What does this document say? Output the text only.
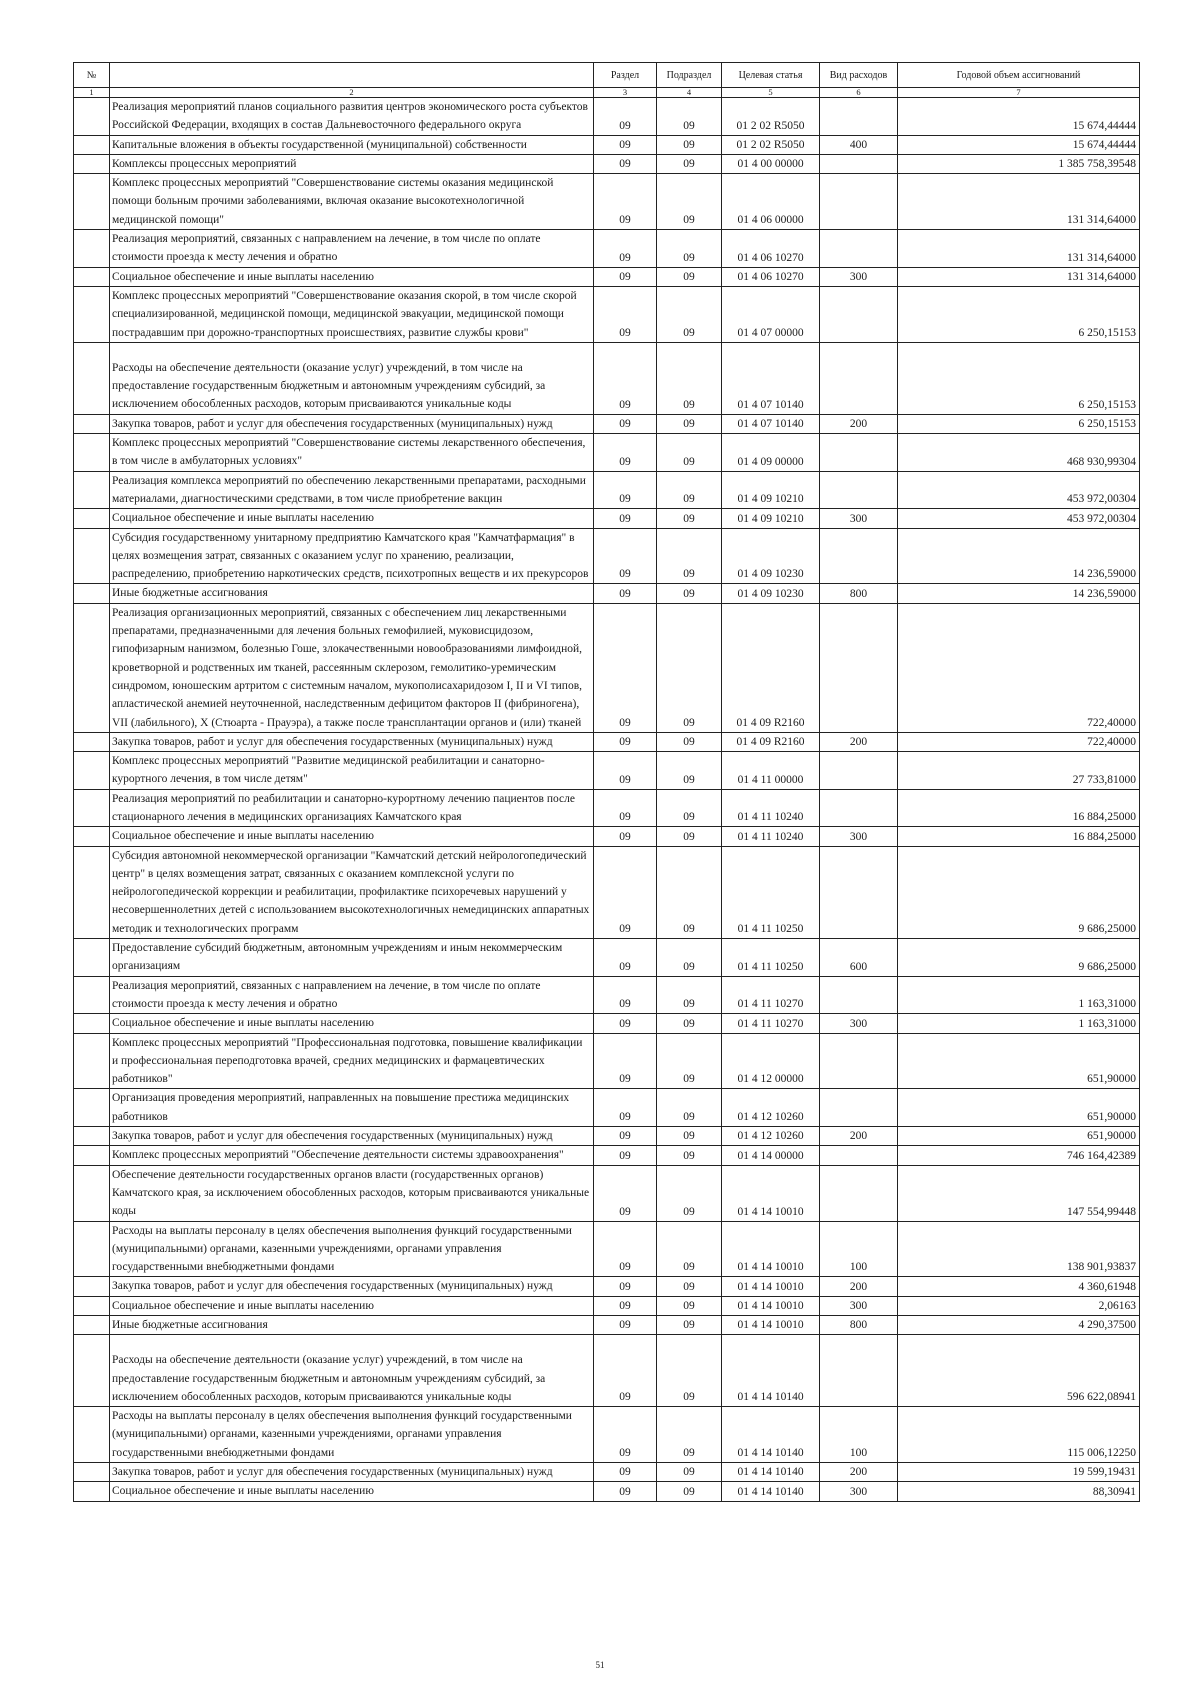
№		Раздел	Подраздел	Целевая статья	Вид расходов	Годовой объем ассигнований
1	2	3	4	5	6	7
	Реализация мероприятий планов социального развития центров экономического роста субъектов Российской Федерации, входящих в состав Дальневосточного федерального округа	09	09	01 2 02 R5050		15 674,44444
	Капитальные вложения в объекты государственной (муниципальной) собственности	09	09	01 2 02 R5050	400	15 674,44444
	Комплексы процессных мероприятий	09	09	01 4 00 00000		1 385 758,39548
	Комплекс процессных мероприятий "Совершенствование системы оказания медицинской помощи больным прочими заболеваниями, включая оказание высокотехнологичной медицинской помощи"	09	09	01 4 06 00000		131 314,64000
	Реализация мероприятий, связанных с направлением на лечение, в том числе по оплате стоимости проезда к месту лечения и обратно	09	09	01 4 06 10270		131 314,64000
	Социальное обеспечение и иные выплаты населению	09	09	01 4 06 10270	300	131 314,64000
	Комплекс процессных мероприятий "Совершенствование оказания скорой, в том числе скорой специализированной, медицинской помощи, медицинской эвакуации, медицинской помощи пострадавшим при дорожно-транспортных происшествиях, развитие службы крови"	09	09	01 4 07 00000		6 250,15153
	Расходы на обеспечение деятельности (оказание услуг) учреждений, в том числе на предоставление государственным бюджетным и автономным учреждениям субсидий, за исключением обособленных расходов, которым присваиваются уникальные коды	09	09	01 4 07 10140		6 250,15153
	Закупка товаров, работ и услуг для обеспечения государственных (муниципальных) нужд	09	09	01 4 07 10140	200	6 250,15153
	Комплекс процессных мероприятий "Совершенствование системы лекарственного обеспечения, в том числе в амбулаторных условиях"	09	09	01 4 09 00000		468 930,99304
	Реализация комплекса мероприятий по обеспечению лекарственными препаратами, расходными материалами, диагностическими средствами, в том числе приобретение вакцин	09	09	01 4 09 10210		453 972,00304
	Социальное обеспечение и иные выплаты населению	09	09	01 4 09 10210	300	453 972,00304
	Субсидия государственному унитарному предприятию Камчатского края "Камчатфармация" в целях возмещения затрат, связанных с оказанием услуг по хранению, реализации, распределению, приобретению наркотических средств, психотропных веществ и их прекурсоров	09	09	01 4 09 10230		14 236,59000
	Иные бюджетные ассигнования	09	09	01 4 09 10230	800	14 236,59000
	Реализация организационных мероприятий, связанных с обеспечением лиц лекарственными препаратами, предназначенными для лечения больных гемофилией, муковисцидозом, гипофизарным нанизмом, болезнью Гоше, злокачественными новообразованиями лимфоидной, кроветворной и родственных им тканей, рассеянным склерозом, гемолитико-уремическим синдромом, юношеским артритом с системным началом, мукополисахаридозом I, II и VI типов, апластической анемией неуточненной, наследственным дефицитом факторов II (фибриногена), VII (лабильного), X (Стюарта - Прауэра), а также после трансплантации органов и (или) тканей	09	09	01 4 09 R2160		722,40000
	Закупка товаров, работ и услуг для обеспечения государственных (муниципальных) нужд	09	09	01 4 09 R2160	200	722,40000
	Комплекс процессных мероприятий "Развитие медицинской реабилитации и санаторно-курортного лечения, в том числе детям"	09	09	01 4 11 00000		27 733,81000
	Реализация мероприятий по реабилитации и санаторно-курортному лечению пациентов после стационарного лечения в медицинских организациях Камчатского края	09	09	01 4 11 10240		16 884,25000
	Социальное обеспечение и иные выплаты населению	09	09	01 4 11 10240	300	16 884,25000
	Субсидия автономной некоммерческой организации "Камчатский детский нейрологопедический центр" в целях возмещения затрат, связанных с оказанием комплексной услуги по нейрологопедической коррекции и реабилитации, профилактике психоречевых нарушений у несовершеннолетних детей с использованием высокотехнологичных немедицинских аппаратных методик и технологических программ	09	09	01 4 11 10250		9 686,25000
	Предоставление субсидий бюджетным, автономным учреждениям и иным некоммерческим организациям	09	09	01 4 11 10250	600	9 686,25000
	Реализация мероприятий, связанных с направлением на лечение, в том числе по оплате стоимости проезда к месту лечения и обратно	09	09	01 4 11 10270		1 163,31000
	Социальное обеспечение и иные выплаты населению	09	09	01 4 11 10270	300	1 163,31000
	Комплекс процессных мероприятий "Профессиональная подготовка, повышение квалификации и профессиональная переподготовка врачей, средних медицинских и фармацевтических работников"	09	09	01 4 12 00000		651,90000
	Организация проведения мероприятий, направленных на повышение престижа медицинских работников	09	09	01 4 12 10260		651,90000
	Закупка товаров, работ и услуг для обеспечения государственных (муниципальных) нужд	09	09	01 4 12 10260	200	651,90000
	Комплекс процессных мероприятий "Обеспечение деятельности системы здравоохранения"	09	09	01 4 14 00000		746 164,42389
	Обеспечение деятельности государственных органов власти (государственных органов) Камчатского края, за исключением обособленных расходов, которым присваиваются уникальные коды	09	09	01 4 14 10010		147 554,99448
	Расходы на выплаты персоналу в целях обеспечения выполнения функций государственными (муниципальными) органами, казенными учреждениями, органами управления государственными внебюджетными фондами	09	09	01 4 14 10010	100	138 901,93837
	Закупка товаров, работ и услуг для обеспечения государственных (муниципальных) нужд	09	09	01 4 14 10010	200	4 360,61948
	Социальное обеспечение и иные выплаты населению	09	09	01 4 14 10010	300	2,06163
	Иные бюджетные ассигнования	09	09	01 4 14 10010	800	4 290,37500
	Расходы на обеспечение деятельности (оказание услуг) учреждений, в том числе на предоставление государственным бюджетным и автономным учреждениям субсидий, за исключением обособленных расходов, которым присваиваются уникальные коды	09	09	01 4 14 10140		596 622,08941
	Расходы на выплаты персоналу в целях обеспечения выполнения функций государственными (муниципальными) органами, казенными учреждениями, органами управления государственными внебюджетными фондами	09	09	01 4 14 10140	100	115 006,12250
	Закупка товаров, работ и услуг для обеспечения государственных (муниципальных) нужд	09	09	01 4 14 10140	200	19 599,19431
	Социальное обеспечение и иные выплаты населению	09	09	01 4 14 10140	300	88,30941
51
